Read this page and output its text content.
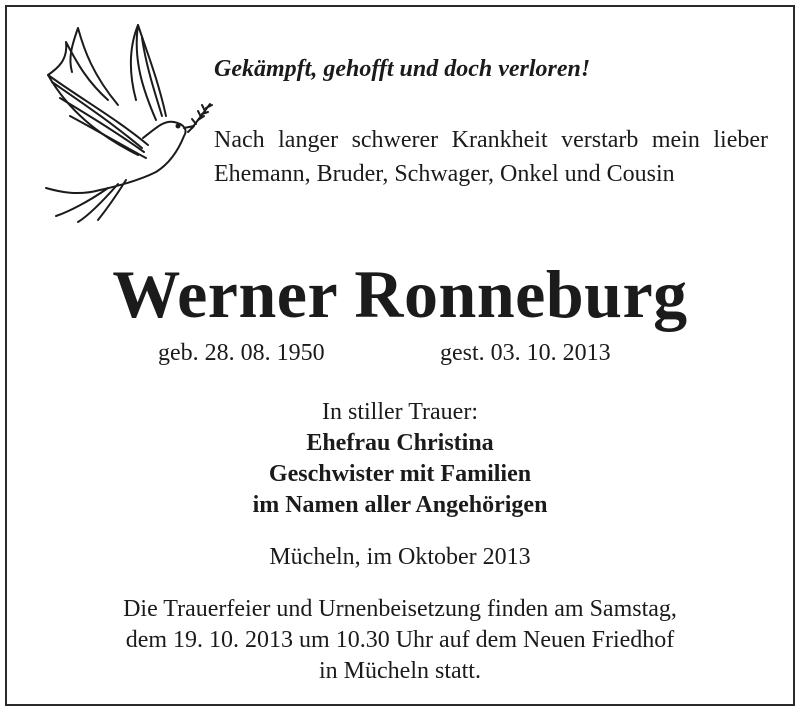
Gekämpft, gehofft und doch verloren!
Nach langer schwerer Krankheit verstarb mein lieber Ehemann, Bruder, Schwager, Onkel und Cousin
Werner Ronneburg
geb. 28. 08. 1950	gest. 03. 10. 2013
In stiller Trauer:
Ehefrau Christina
Geschwister mit Familien
im Namen aller Angehörigen
Mücheln, im Oktober 2013
Die Trauerfeier und Urnenbeisetzung finden am Samstag,
dem 19. 10. 2013 um 10.30 Uhr auf dem Neuen Friedhof
in Mücheln statt.
